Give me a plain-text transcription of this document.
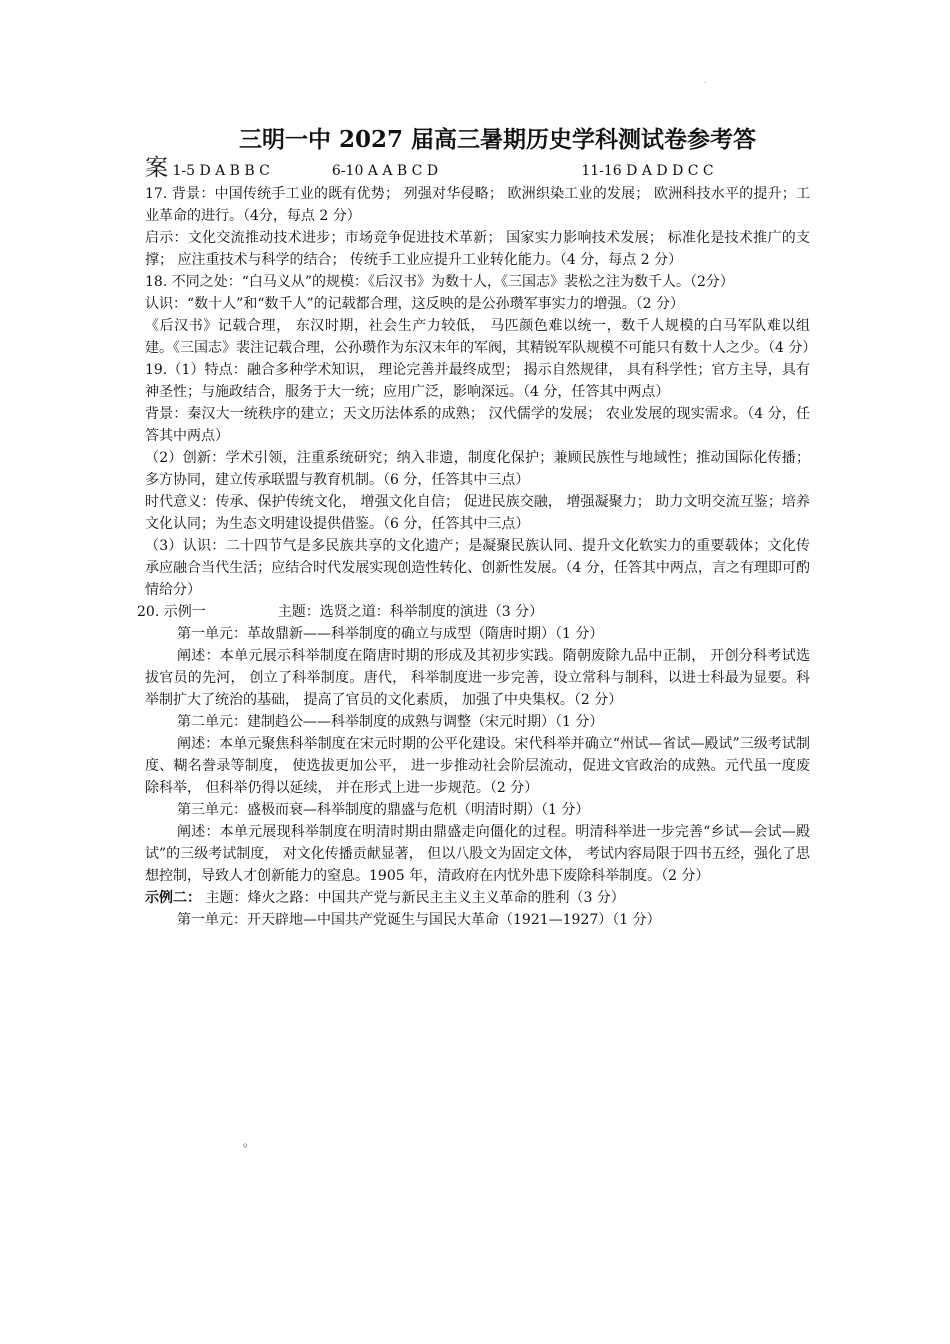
.
三明一中 2027 届高三暑期历史学科测试卷参考答
案 1-5 D A B B C	6-10 A A B C D	11-16 D A D D C C

17. 背景：中国传统手工业的既有优势； 列强对华侵略； 欧洲织染工业的发展； 欧洲科技水平的提升；工业革命的进行。（4分，每点 2 分）

启示：文化交流推动技术进步；市场竞争促进技术革新； 国家实力影响技术发展； 标准化是技术推广的支撑； 应注重技术与科学的结合； 传统手工业应提升工业转化能力。（4 分，每点 2 分）

18. 不同之处：“白马义从”的规模：《后汉书》为数十人，《三国志》裴松之注为数千人。（2分）

认识：“数十人”和“数千人”的记载都合理，这反映的是公孙瓒军事实力的增强。（2 分）

《后汉书》记载合理， 东汉时期，社会生产力较低， 马匹颜色难以统一，数千人规模的白马军队难以组建。《三国志》裴注记载合理，公孙瓒作为东汉末年的军阀，其精锐军队规模不可能只有数十人之少。（4 分）

19.（1）特点：融合多种学术知识， 理论完善并最终成型； 揭示自然规律， 具有科学性；官方主导，具有神圣性；与施政结合，服务于大一统；应用广泛，影响深远。（4 分，任答其中两点）

背景：秦汉大一统秩序的建立；天文历法体系的成熟； 汉代儒学的发展； 农业发展的现实需求。（4 分，任答其中两点）

（2）创新：学术引领，注重系统研究；纳入非遗，制度化保护；兼顾民族性与地域性；推动国际化传播；多方协同，建立传承联盟与教育机制。（6 分，任答其中三点）

时代意义：传承、保护传统文化， 增强文化自信； 促进民族交融， 增强凝聚力； 助力文明交流互鉴；培养文化认同；为生态文明建设提供借鉴。（6 分，任答其中三点）

（3）认识：二十四节气是多民族共享的文化遗产；是凝聚民族认同、提升文化软实力的重要载体；文化传承应融合当代生活；应结合时代发展实现创造性转化、创新性发展。（4 分，任答其中两点，言之有理即可酌情给分）

20. 示例一	主题：选贤之道：科举制度的演进（3 分）

第一单元：革故鼎新——科举制度的确立与成型（隋唐时期）（1 分）

阐述：本单元展示科举制度在隋唐时期的形成及其初步实践。隋朝废除九品中正制， 开创分科考试选拔官员的先河， 创立了科举制度。唐代， 科举制度进一步完善，设立常科与制科，以进士科最为显要。科举制扩大了统治的基础， 提高了官员的文化素质， 加强了中央集权。（2 分）

第二单元：建制趋公——科举制度的成熟与调整（宋元时期）（1 分）

阐述：本单元聚焦科举制度在宋元时期的公平化建设。宋代科举并确立“州试—省试—殿试”三级考试制度、糊名誊录等制度， 使选拔更加公平， 进一步推动社会阶层流动，促进文官政治的成熟。元代虽一度废除科举， 但科举仍得以延续， 并在形式上进一步规范。（2 分）

第三单元：盛极而衰—科举制度的鼎盛与危机（明清时期）（1 分）

阐述：本单元展现科举制度在明清时期由鼎盛走向僵化的过程。明清科举进一步完善“乡试—会试—殿试”的三级考试制度， 对文化传播贡献显著， 但以八股文为固定文体， 考试内容局限于四书五经，强化了思想控制，导致人才创新能力的窒息。1905 年，清政府在内忧外患下废除科举制度。（2 分）

示例二： 主题：烽火之路：中国共产党与新民主主义主义革命的胜利（3 分）

第一单元：开天辟地—中国共产党诞生与国民大革命（1921—1927）（1 分）

。
